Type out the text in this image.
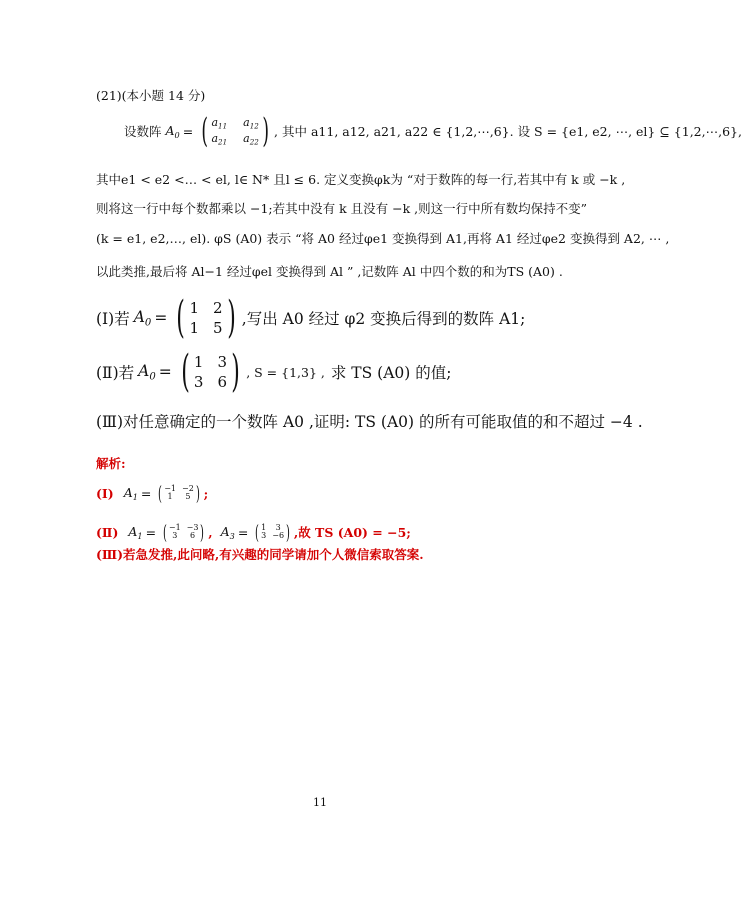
(21)(本小题 14 分)
设数阵 $A_0$ = ( $a_{11}$ $a_{12}$
$a_{21}$ $a_{22}$ ) , 其中 a11, a12, a21, a22 ∈ {1,2,⋯,6}. 设 S = {e1, e2, ⋯, el} ⊆ {1,2,⋯,6},
其中e1 < e2 <… < el, l∈ N* 且l ≤ 6. 定义变换φk为 “对于数阵的每一行,若其中有 k 或 −k ,
则将这一行中每个数都乘以 −1;若其中没有 k 且没有 −k ,则这一行中所有数均保持不变”
(k = e1, e2,…, el). φS (A0) 表示 “将 A0 经过φe1 变换得到 A1,再将 A1 经过φe2 变换得到 A2, ⋯ ,
以此类推,最后将 Al−1 经过φel 变换得到 Al ” ,记数阵 Al 中四个数的和为TS (A0) .
(Ⅰ)若 $A_0$ = ( 1 2
1 5 ) ,写出 A0 经过 φ2 变换后得到的数阵 A1;
(Ⅱ)若 $A_0$ = ( 1 3
3 6 ) , S = {1,3} , 求 TS (A0) 的值;
(Ⅲ)对任意确定的一个数阵 A0 ,证明: TS (A0) 的所有可能取值的和不超过 −4 .
解析:
(Ⅰ) $A_1$ = ( −1 −2
1	5 ) ;
(Ⅱ) $A_1$ = ( −1 −3
3	6 ) , $A_3$ = ( 1	3
3 −6 ) ,故 TS (A0) = −5;
(Ⅲ)若急发推,此问略,有兴趣的同学请加个人微信索取答案.
11
